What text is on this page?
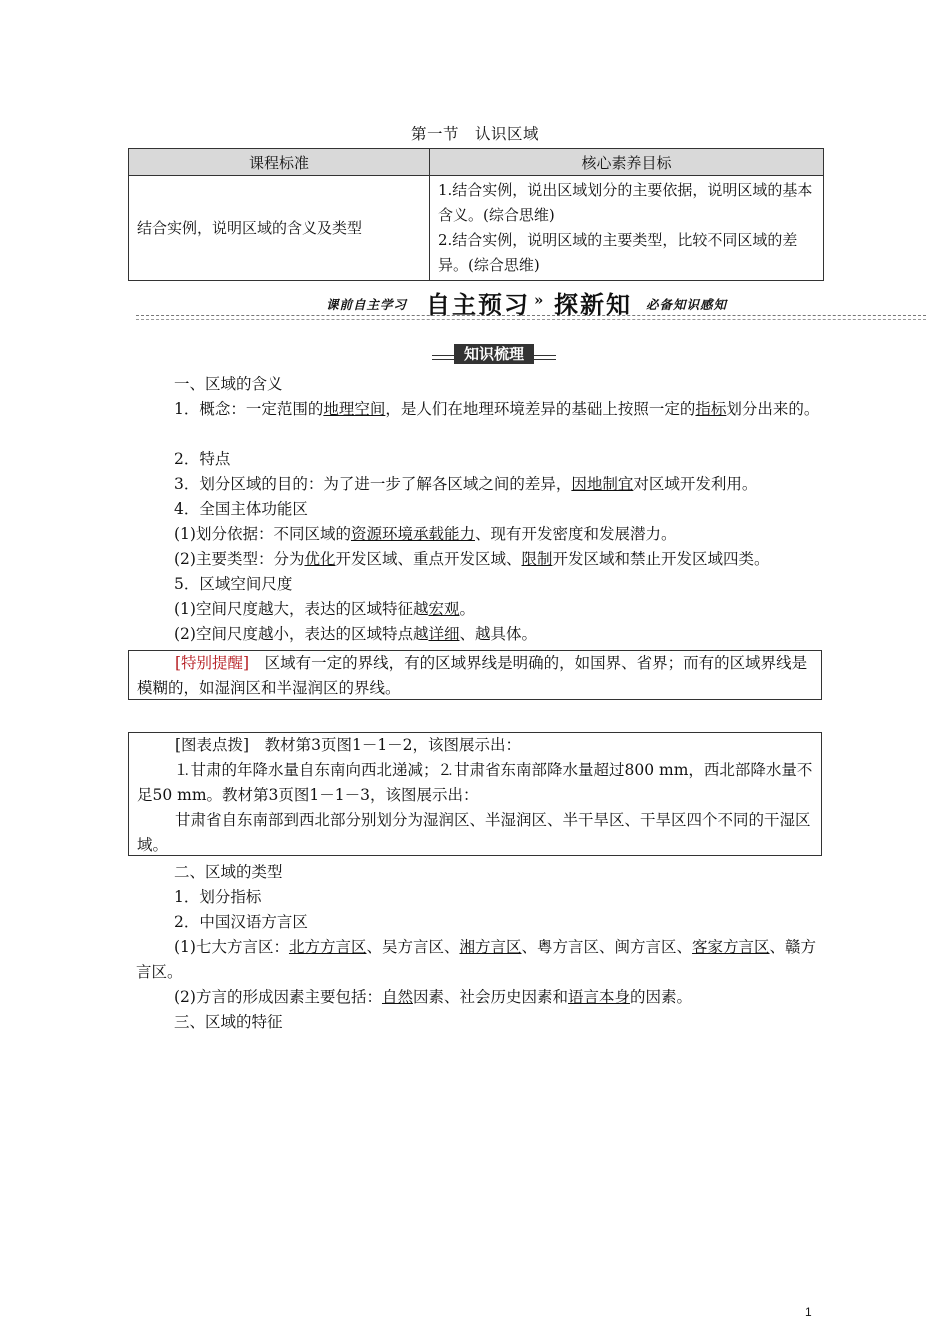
第一节　认识区域
课程标准	核心素养目标
结合实例，说明区域的含义及类型	1.结合实例，说出区域划分的主要依据，说明区域的基本含义。(综合思维)
2.结合实例，说明区域的主要类型，比较不同区域的差异。(综合思维)
课前自主学习 自主预习 » 探新知 必备知识感知
知识梳理
一、区域的含义
1．概念：一定范围的地理空间，是人们在地理环境差异的基础上按照一定的指标划分出来的。
2．特点
3．划分区域的目的：为了进一步了解各区域之间的差异，因地制宜对区域开发利用。
4．全国主体功能区
(1)划分依据：不同区域的资源环境承载能力、现有开发密度和发展潜力。
(2)主要类型：分为优化开发区域、重点开发区域、限制开发区域和禁止开发区域四类。
5．区域空间尺度
(1)空间尺度越大，表达的区域特征越宏观。
(2)空间尺度越小，表达的区域特点越详细、越具体。
[特别提醒]　区域有一定的界线，有的区域界线是明确的，如国界、省界；而有的区域界线是模糊的，如湿润区和半湿润区的界线。
[图表点拨]　教材第3页图1－1－2，该图展示出：
⒈甘肃的年降水量自东南向西北递减；⒉甘肃省东南部降水量超过800 mm，西北部降水量不足50 mm。教材第3页图1－1－3，该图展示出：
甘肃省自东南部到西北部分别划分为湿润区、半湿润区、半干旱区、干旱区四个不同的干湿区域。
二、区域的类型
1．划分指标
2．中国汉语方言区
(1)七大方言区：北方方言区、吴方言区、湘方言区、粤方言区、闽方言区、客家方言区、赣方言区。
(2)方言的形成因素主要包括：自然因素、社会历史因素和语言本身的因素。
三、区域的特征
1
